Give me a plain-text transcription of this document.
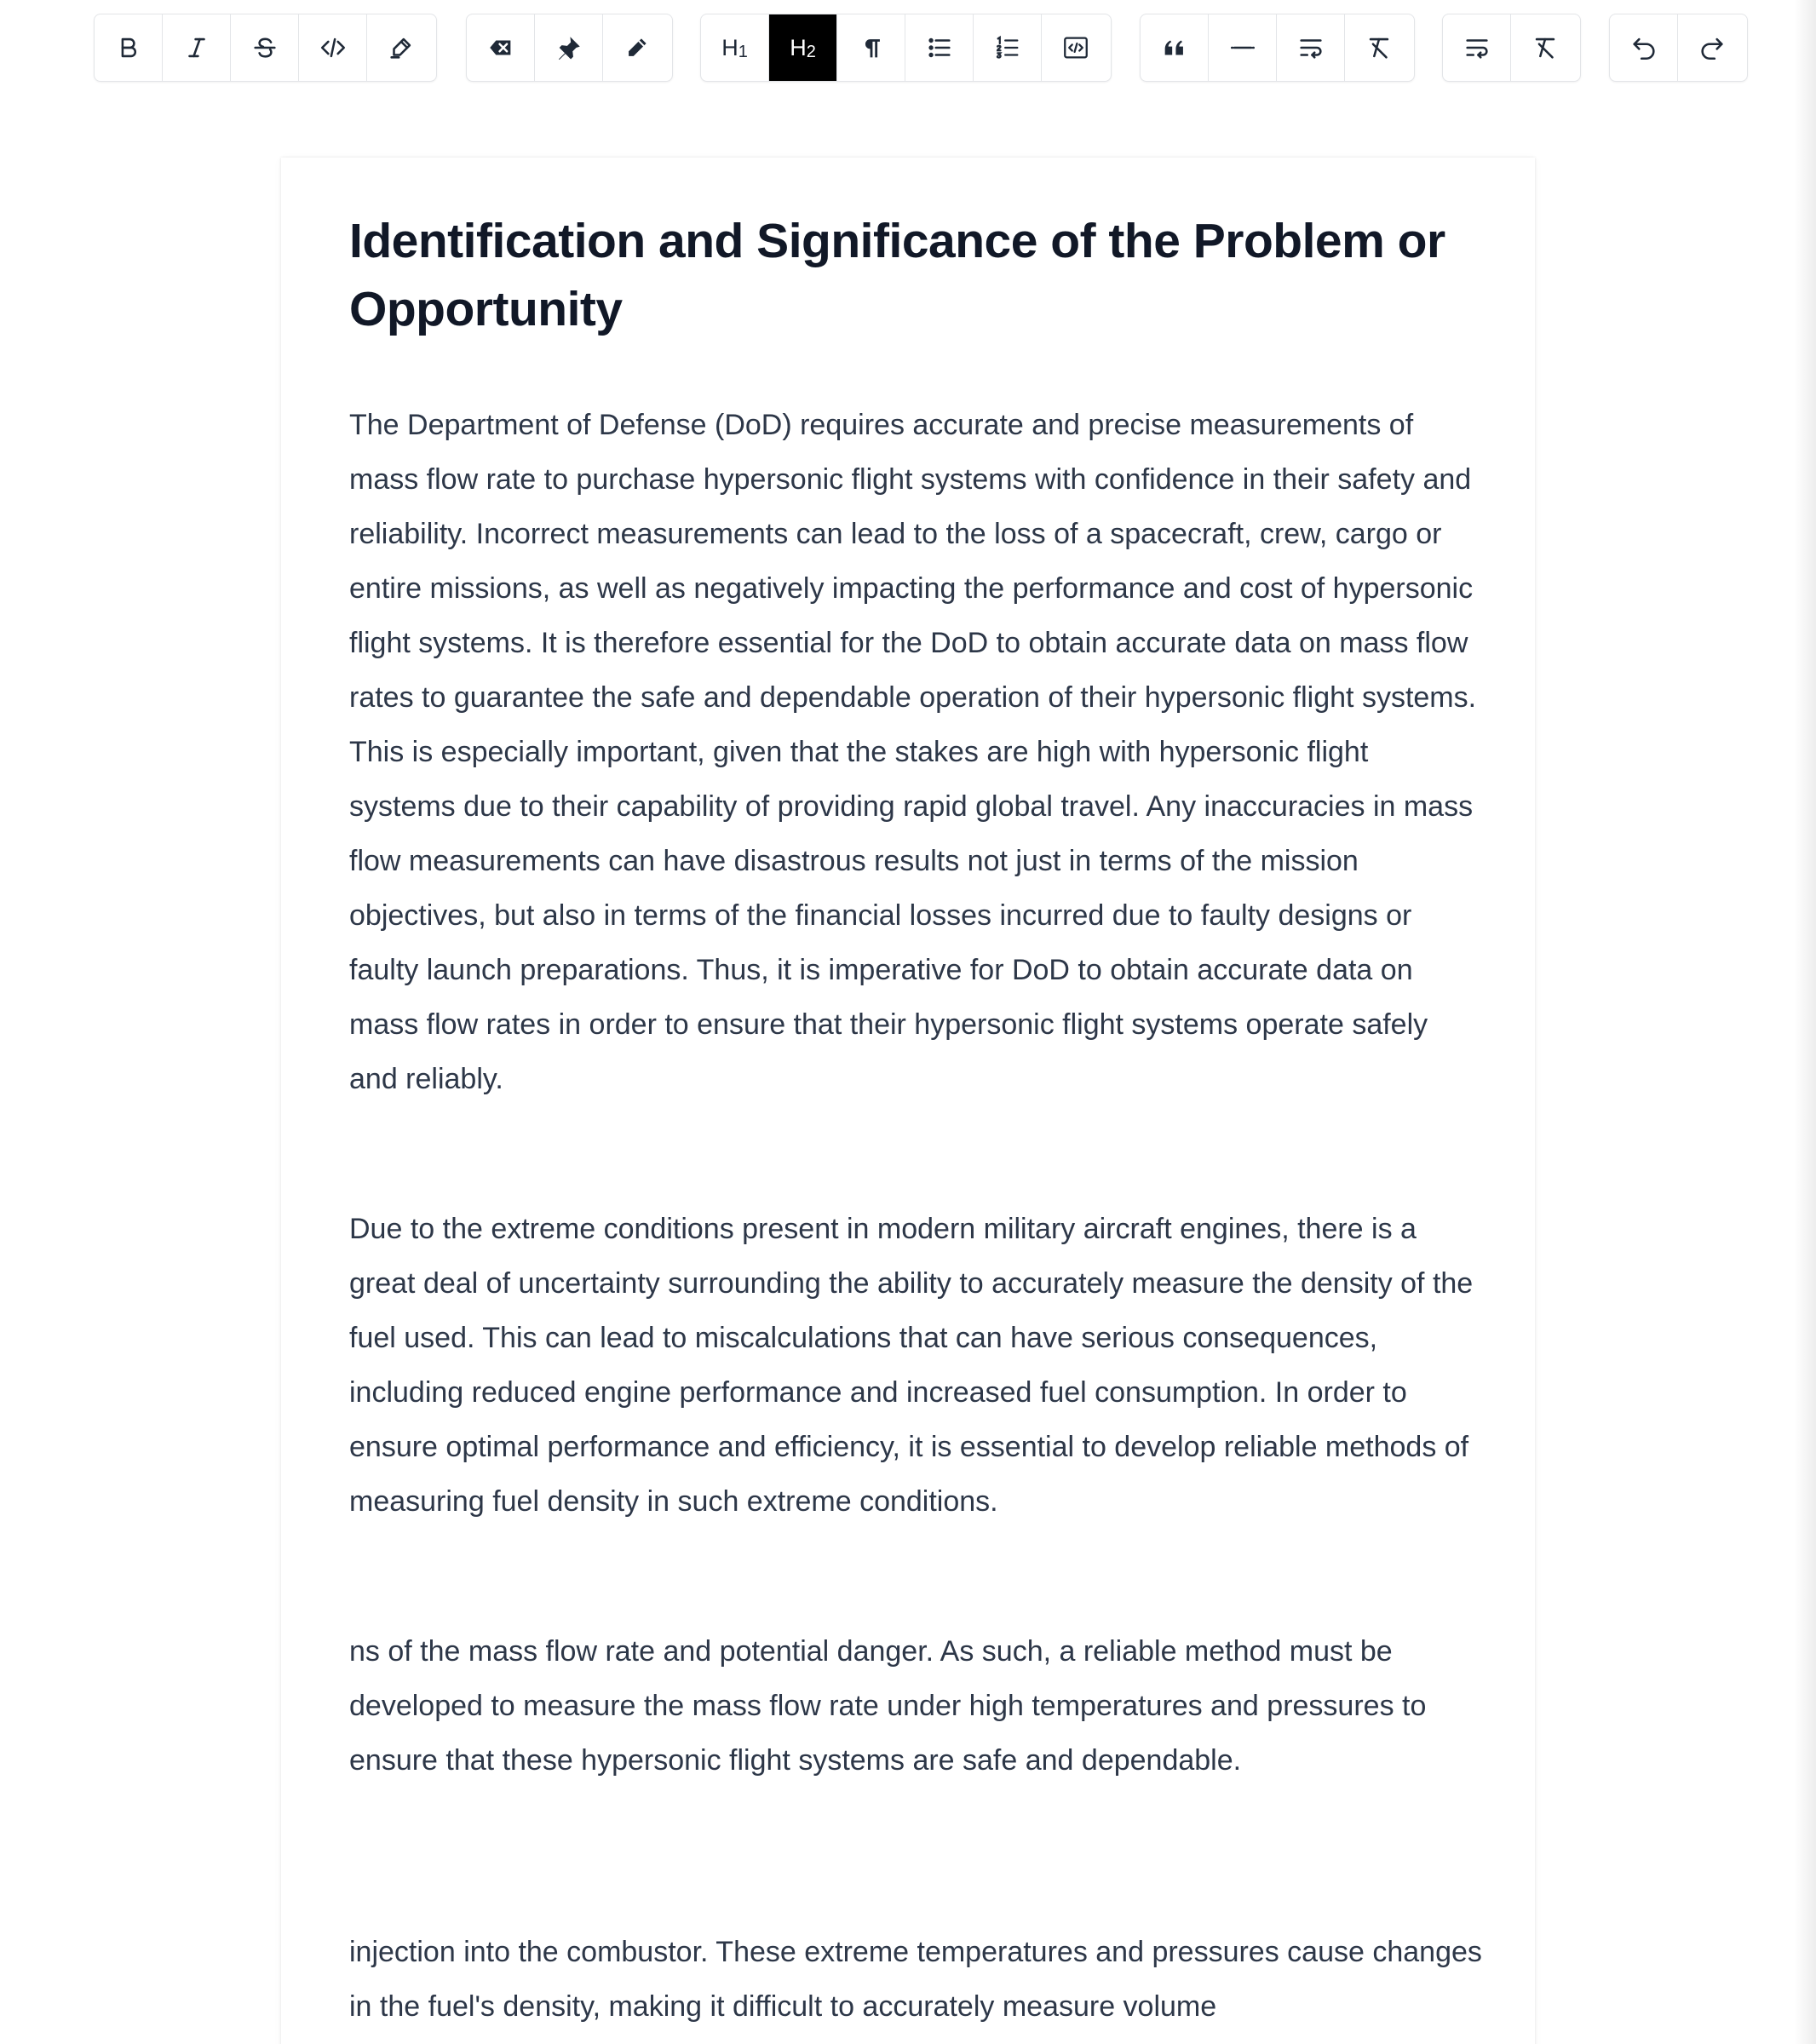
$H_1$ $H_2$
Identification and Significance of the Problem or Opportunity

The Department of Defense (DoD) requires accurate and precise measurements of mass flow rate to purchase hypersonic flight systems with confidence in their safety and reliability. Incorrect measurements can lead to the loss of a spacecraft, crew, cargo or entire missions, as well as negatively impacting the performance and cost of hypersonic flight systems. It is therefore essential for the DoD to obtain accurate data on mass flow rates to guarantee the safe and dependable operation of their hypersonic flight systems. This is especially important, given that the stakes are high with hypersonic flight systems due to their capability of providing rapid global travel. Any inaccuracies in mass flow measurements can have disastrous results not just in terms of the mission objectives, but also in terms of the financial losses incurred due to faulty designs or faulty launch preparations. Thus, it is imperative for DoD to obtain accurate data on mass flow rates in order to ensure that their hypersonic flight systems operate safely and reliably.

Due to the extreme conditions present in modern military aircraft engines, there is a great deal of uncertainty surrounding the ability to accurately measure the density of the fuel used. This can lead to miscalculations that can have serious consequences, including reduced engine performance and increased fuel consumption. In order to ensure optimal performance and efficiency, it is essential to develop reliable methods of measuring fuel density in such extreme conditions.

ns of the mass flow rate and potential danger. As such, a reliable method must be developed to measure the mass flow rate under high temperatures and pressures to ensure that these hypersonic flight systems are safe and dependable.

injection into the combustor. These extreme temperatures and pressures cause changes in the fuel's density, making it difficult to accurately measure volume
